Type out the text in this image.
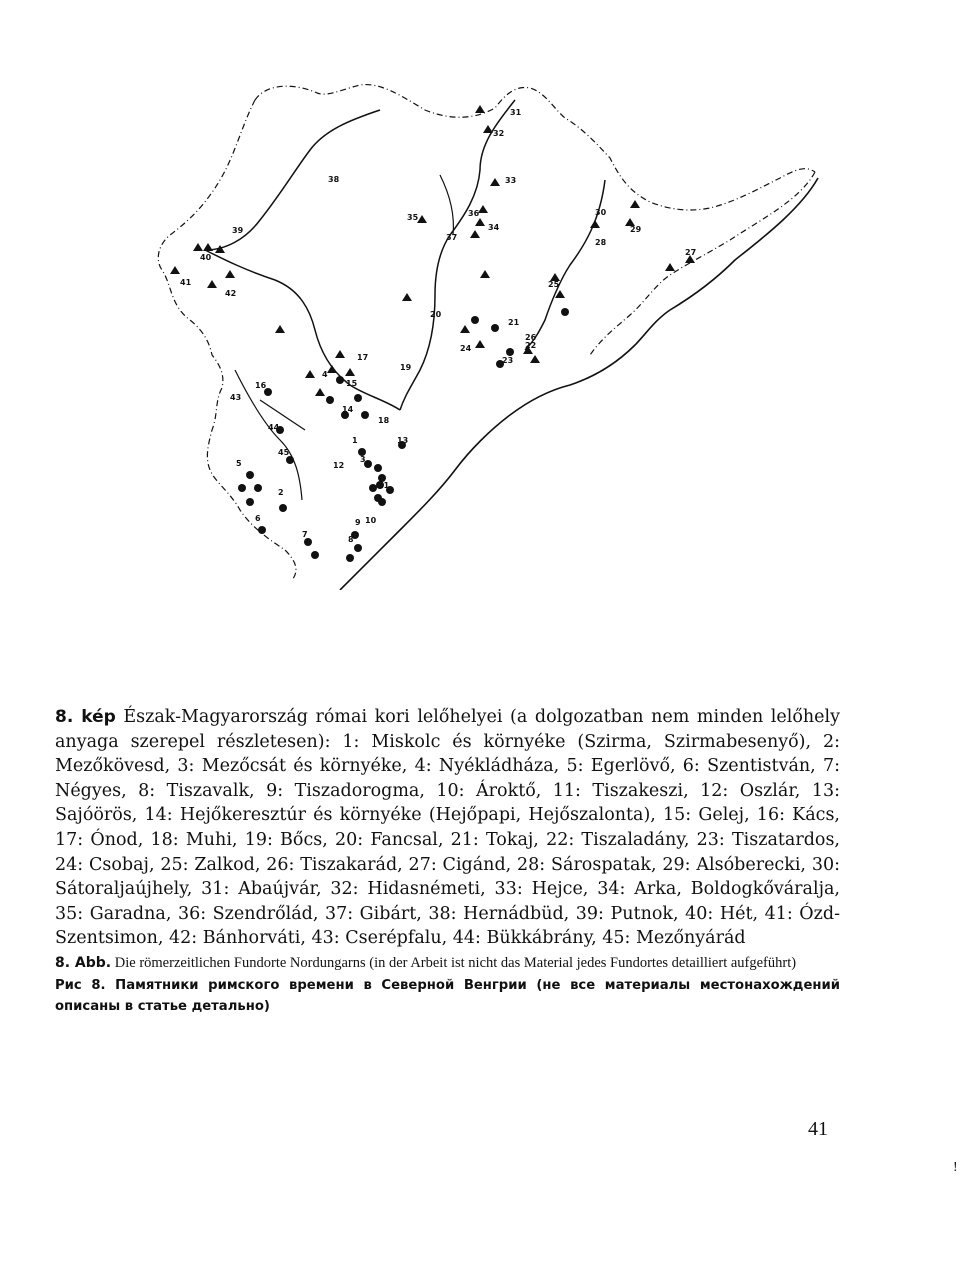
1
2
3
4
5
6
7
8
9 10
11
12
13
14
15
16
17
18
19
20
21
22
23
24
25
26
27
28
29
30
31
32
33
34
35	36
37
38
39
40
41
42
43
44
45

8. kép Észak-Magyarország római kori lelőhelyei (a dolgozatban nem minden lelőhely anyaga szerepel részletesen): 1: Miskolc és környéke (Szirma, Szirmabesenyő), 2: Mezőkövesd, 3: Mezőcsát és környéke, 4: Nyékládháza, 5: Egerlövő, 6: Szentistván, 7: Négyes, 8: Tiszavalk, 9: Tiszadorogma, 10: Ároktő, 11: Tiszakeszi, 12: Oszlár, 13: Sajóörös, 14: Hejőkeresztúr és környéke (Hejőpapi, Hejőszalonta), 15: Gelej, 16: Kács, 17: Ónod, 18: Muhi, 19: Bőcs, 20: Fancsal, 21: Tokaj, 22: Tiszaladány, 23: Tiszatardos, 24: Csobaj, 25: Zalkod, 26: Tiszakarád, 27: Cigánd, 28: Sárospatak, 29: Alsóberecki, 30: Sátoraljaújhely, 31: Abaújvár, 32: Hidasnémeti, 33: Hejce, 34: Arka, Boldogkőváralja, 35: Garadna, 36: Szendrőlád, 37: Gibárt, 38: Hernádbüd, 39: Putnok, 40: Hét, 41: Ózd-Szentsimon, 42: Bánhorváti, 43: Cserépfalu, 44: Bükkábrány, 45: Mezőnyárád

8. Abb. Die römerzeitlichen Fundorte Nordungarns (in der Arbeit ist nicht das Material jedes Fundortes detailliert aufgeführt)

Рис 8. Памятники римского времени в Северной Венгрии (не все материалы местонахождений описаны в статье детально)

41
!
